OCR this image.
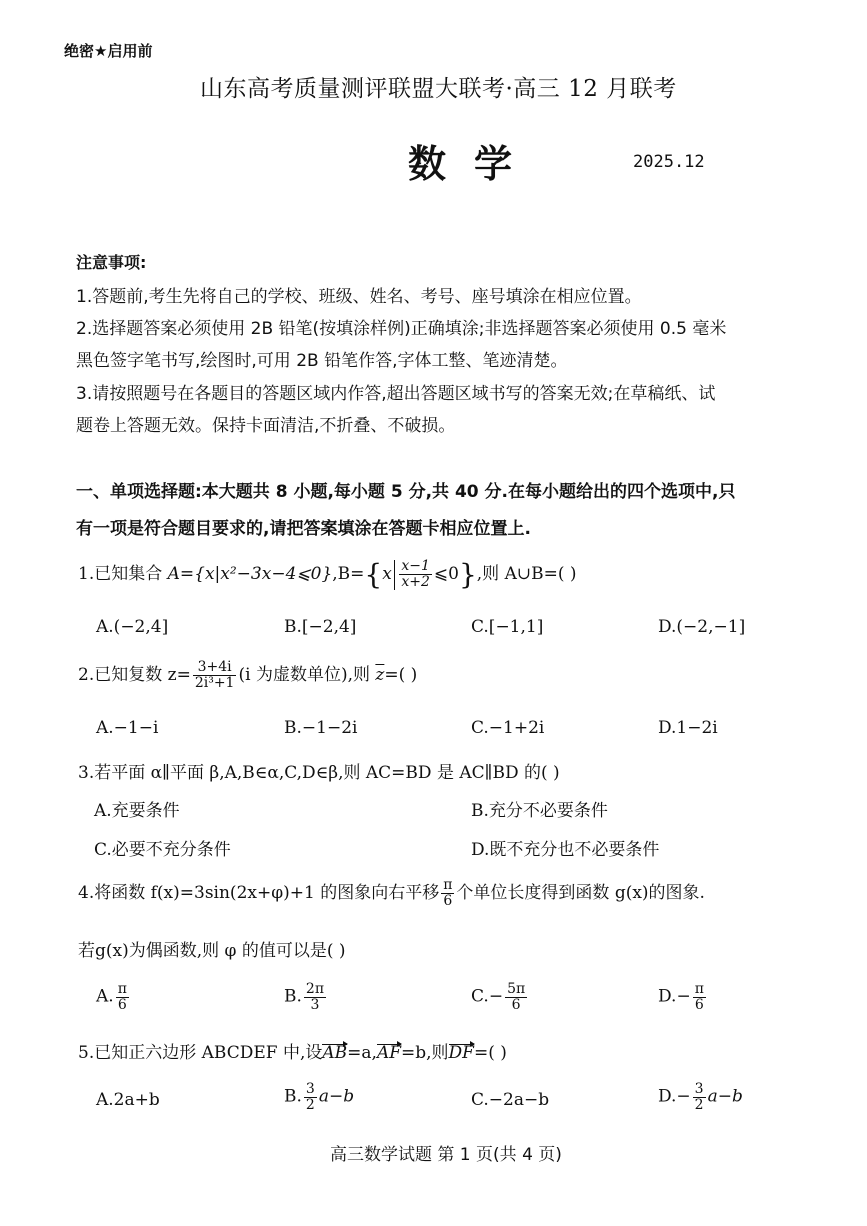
绝密★启用前
山东高考质量测评联盟大联考·高三 12 月联考
数学	2025.12
注意事项:
1.答题前,考生先将自己的学校、班级、姓名、考号、座号填涂在相应位置。
2.选择题答案必须使用 2B 铅笔(按填涂样例)正确填涂;非选择题答案必须使用 0.5 毫米
黑色签字笔书写,绘图时,可用 2B 铅笔作答,字体工整、笔迹清楚。
3.请按照题号在各题目的答题区域内作答,超出答题区域书写的答案无效;在草稿纸、试
题卷上答题无效。保持卡面清洁,不折叠、不破损。
一、单项选择题:本大题共 8 小题,每小题 5 分,共 40 分.在每小题给出的四个选项中,只
有一项是符合题目要求的,请把答案填涂在答题卡相应位置上.
1.已知集合 A={x|x²−3x−4⩽0},B={x $\frac{x-1}{x+2}$ ⩽0},则 A∪B=( )
A.(−2,4]	B.[−2,4]	C.[−1,1]	D.(−2,−1]
2.已知复数 $z= \frac{3+4i}{\text{2i³+1}} (i$ 为虚数单位),则 $\overline{z}=$( )
A.−1−i	B.−1−2i	C.−1+2i	D.1−2i
3.若平面 α∥平面 β,A,B∈α,C,D∈β,则 AC=BD 是 AC∥BD 的( )
A.充要条件	B.充分不必要条件
C.必要不充分条件	D.既不充分也不必要条件
4.将函数 f(x)=3sin(2x+φ)+1 的图象向右平移 $\frac{\pi}{6}$ 个单位长度得到函数 g(x)的图象.
若g(x)为偶函数,则 φ 的值可以是( )
A. $\frac{\pi}{6}$	B. $\frac{2\pi}{3}$	$C.- \frac{5\pi}{6}$	$D.- \frac{\pi}{6}$
5.已知正六边形 ABCDEF 中,设AB=a,AF=b,则DF=( )
A.2a+b	B. $\frac{3}{2} a-b$	C.−2a−b	$D.- \frac{3}{2} a-b$
高三数学试题 第 1 页(共 4 页)
